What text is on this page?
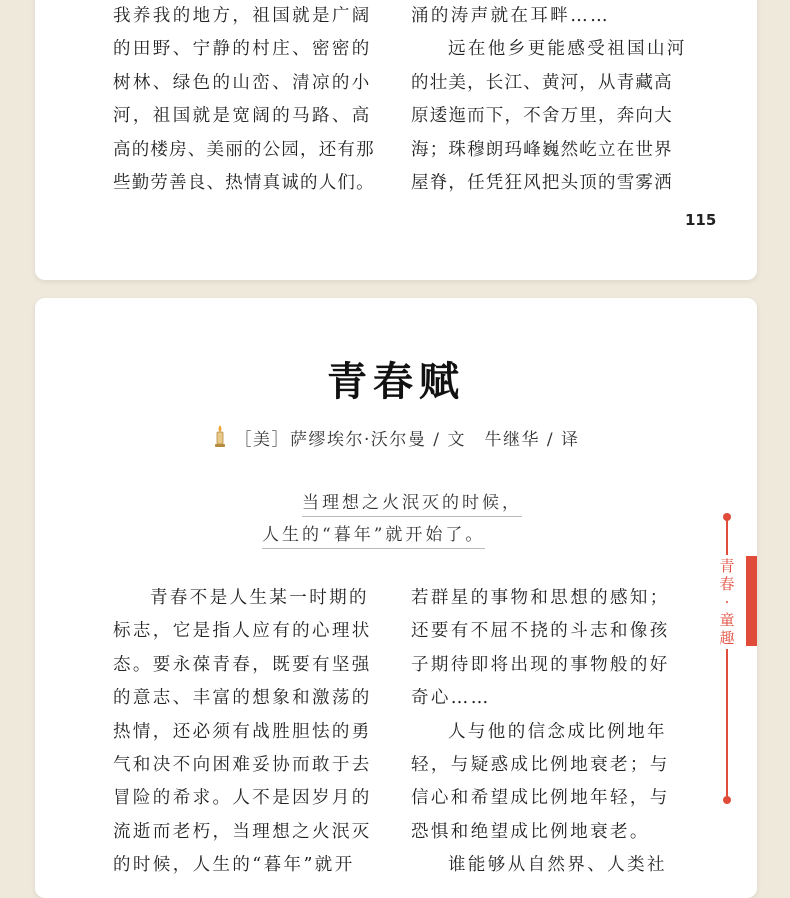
我养我的地方，祖国就是广阔
的田野、宁静的村庄、密密的
树林、绿色的山峦、清凉的小
河，祖国就是宽阔的马路、高
高的楼房、美丽的公园，还有那
些勤劳善良、热情真诚的人们。
涌的涛声就在耳畔……
远在他乡更能感受祖国山河
的壮美，长江、黄河，从青藏高
原逶迤而下，不舍万里，奔向大
海；珠穆朗玛峰巍然屹立在世界
屋脊，任凭狂风把头顶的雪雾洒
115
青春赋
［美］萨缪埃尔·沃尔曼 / 文　牛继华 / 译
当理想之火泯灭的时候，
人生的“暮年”就开始了。
青春不是人生某一时期的
标志，它是指人应有的心理状
态。要永葆青春，既要有坚强
的意志、丰富的想象和激荡的
热情，还必须有战胜胆怯的勇
气和决不向困难妥协而敢于去
冒险的希求。人不是因岁月的
流逝而老朽，当理想之火泯灭
的时候，人生的“暮年”就开
若群星的事物和思想的感知；
还要有不屈不挠的斗志和像孩
子期待即将出现的事物般的好
奇心……
人与他的信念成比例地年
轻，与疑惑成比例地衰老；与
信心和希望成比例地年轻，与
恐惧和绝望成比例地衰老。
谁能够从自然界、人类社
青
春
·
童
趣
